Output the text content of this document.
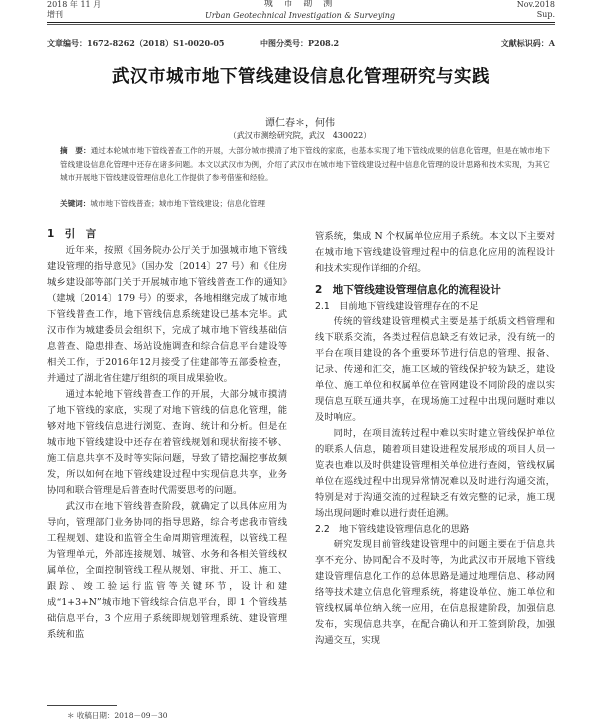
2018 年 11 月
增刊
城 市 勘 测
Urban Geotechnical Investigation & Surveying
Nov.2018
Sup.
文章编号：1672-8262（2018）S1-0020-05	中图分类号：P208.2	文献标识码：A
武汉市城市地下管线建设信息化管理研究与实践
谭仁春＊，何伟
（武汉市测绘研究院，武汉　430022）
摘　要：通过本轮城市地下管线普查工作的开展，大部分城市摸清了地下管线的家底，也基本实现了地下管线成果的信息化管理，但是在城市地下管线建设信息化管理中还存在诸多问题。本文以武汉市为例，介绍了武汉市在城市地下管线建设过程中信息化管理的设计思路和技术实现，为其它城市开展地下管线建设管理信息化工作提供了参考借鉴和经验。
关键词：城市地下管线普查；城市地下管线建设；信息化管理
1　引　言

近年来，按照《国务院办公厅关于加强城市地下管线建设管理的指导意见》（国办发〔2014〕27 号）和《住房城乡建设部等部门关于开展城市地下管线普查工作的通知》（建城〔2014〕179 号）的要求，各地相继完成了城市地下管线普查工作，地下管线信息系统建设已基本完毕。武汉市作为城建委员会组织下，完成了城市地下管线基础信息普查、隐患排查、场站设施调查和综合信息平台建设等相关工作，于2016年12月接受了住建部等五部委检查，并通过了湖北省住建厅组织的项目成果验收。

通过本轮地下管线普查工作的开展，大部分城市摸清了地下管线的家底，实现了对地下管线的信息化管理，能够对地下管线信息进行浏览、查询、统计和分析。但是在城市地下管线建设中还存在着管线规划和现状衔接不够、施工信息共享不及时等实际问题，导致了错挖漏挖事故频发，所以如何在地下管线建设过程中实现信息共享，业务协同和联合管理是后普查时代需要思考的问题。

武汉市在地下管线普查阶段，就确定了以具体应用为导向，管理部门业务协同的指导思路，综合考虑我市管线工程规划、建设和监管全生命周期管理流程，以管线工程为管理单元，外部连接规划、城管、水务和各相关管线权属单位，全面控制管线工程从规划、审批、开工、施工、跟踪、竣工验运行监管等关键环节，设计和建成“1+3+N”城市地下管线综合信息平台，即 1 个管线基础信息平台，3 个应用子系统即规划管理系统、建设管理系统和监

管系统，集成 N 个权属单位应用子系统。本文以下主要对在城市地下管线建设管理过程中的信息化应用的流程设计和技术实现作详细的介绍。

2　地下管线建设管理信息化的流程设计
2.1　目前地下管线建设管理存在的不足

传统的管线建设管理模式主要是基于纸质文档管理和线下联系交流，各类过程信息缺乏有效记录，没有统一的平台在项目建设的各个重要环节进行信息的管理、报备、记录、传递和汇交，施工区域的管线保护较为缺乏，建设单位、施工单位和权属单位在管网建设不同阶段的虚以实现信息互联互通共享，在现场施工过程中出现问题时难以及时响应。

同时，在项目流转过程中难以实时建立管线保护单位的联系人信息，随着项目建设进程发展形成的项目人员一览表也难以及时供建设管理相关单位进行查阅，管线权属单位在巡线过程中出现异常情况难以及时进行沟通交流，特别是对于沟通交流的过程缺乏有效完整的记录，施工现场出现问题时难以进行责任追溯。

2.2　地下管线建设管理信息化的思路

研究发现目前管线建设管理中的问题主要在于信息共享不充分、协同配合不及时等，为此武汉市开展地下管线建设管理信息化工作的总体思路是通过地理信息、移动网络等技术建立信息化管理系统，将建设单位、施工单位和管线权属单位纳入统一应用，在信息报建阶段，加强信息发布，实现信息共享，在配合确认和开工签到阶段，加强沟通交互，实现

＊ 收稿日期：2018－09－30
